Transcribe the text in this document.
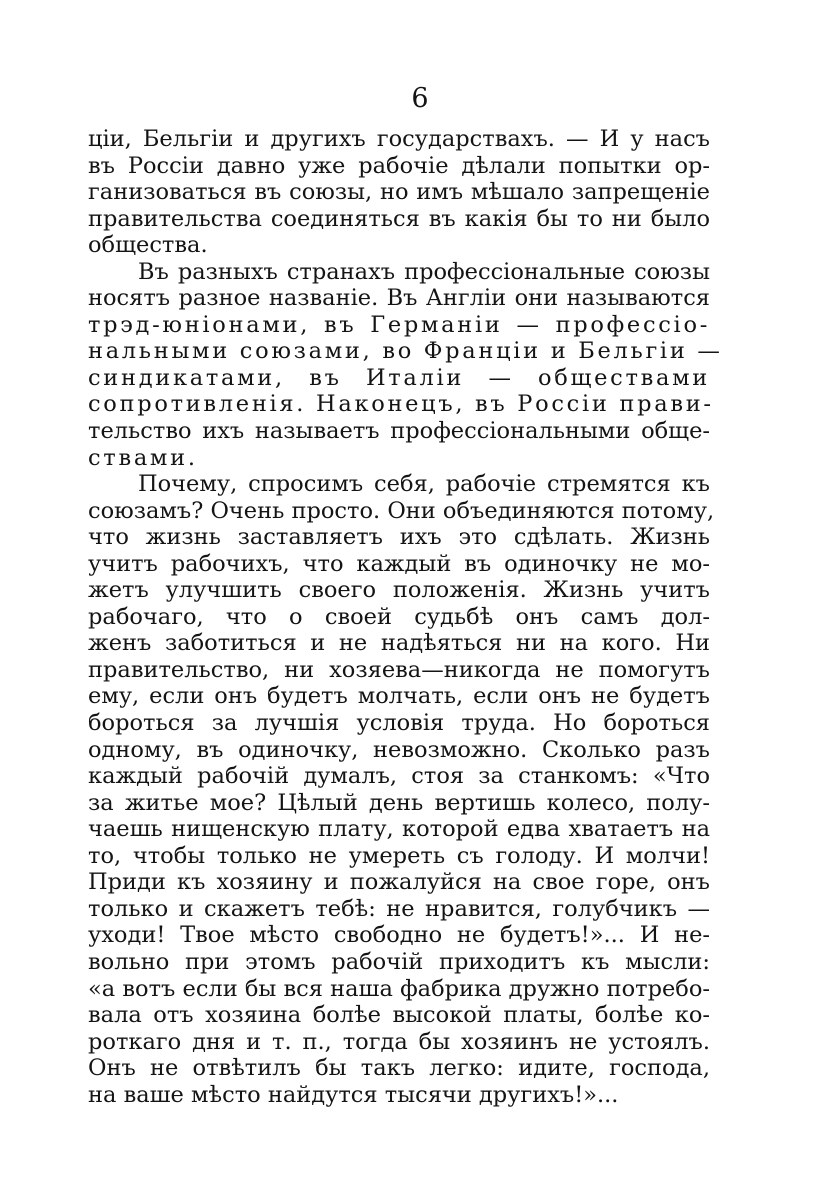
6
ціи, Бельгіи и другихъ государствахъ. — И у насъ
въ Россіи давно уже рабочіе дѣлали попытки ор-
ганизоваться въ союзы, но имъ мѣшало запрещеніе
правительства соединяться въ какія бы то ни было
общества.
Въ разныхъ странахъ профессіональные союзы
носятъ разное названіе. Въ Англіи они называются
трэд-юніонами, въ Германіи — профессіо-
нальными союзами, во Франціи и Бельгіи —
синдикатами, въ Италіи — обществами
сопротивленія. Наконецъ, въ Россіи прави-
тельство ихъ называетъ профессіональными обще-
ствами.
Почему, спросимъ себя, рабочіе стремятся къ
союзамъ? Очень просто. Они объединяются потому,
что жизнь заставляетъ ихъ это сдѣлать. Жизнь
учитъ рабочихъ, что каждый въ одиночку не мо-
жетъ улучшить своего положенія. Жизнь учитъ
рабочаго, что о своей судьбѣ онъ самъ дол-
женъ заботиться и не надѣяться ни на кого. Ни
правительство, ни хозяева—никогда не помогутъ
ему, если онъ будетъ молчать, если онъ не будетъ
бороться за лучшія условія труда. Но бороться
одному, въ одиночку, невозможно. Сколько разъ
каждый рабочій думалъ, стоя за станкомъ: «Что
за житье мое? Цѣлый день вертишь колесо, полу-
чаешь нищенскую плату, которой едва хватаетъ на
то, чтобы только не умереть съ голоду. И молчи!
Приди къ хозяину и пожалуйся на свое горе, онъ
только и скажетъ тебѣ: не нравится, голубчикъ —
уходи! Твое мѣсто свободно не будетъ!»... И не-
вольно при этомъ рабочій приходитъ къ мысли:
«а вотъ если бы вся наша фабрика дружно потребо-
вала отъ хозяина болѣе высокой платы, болѣе ко-
роткаго дня и т. п., тогда бы хозяинъ не устоялъ.
Онъ не отвѣтилъ бы такъ легко: идите, господа,
на ваше мѣсто найдутся тысячи другихъ!»...
